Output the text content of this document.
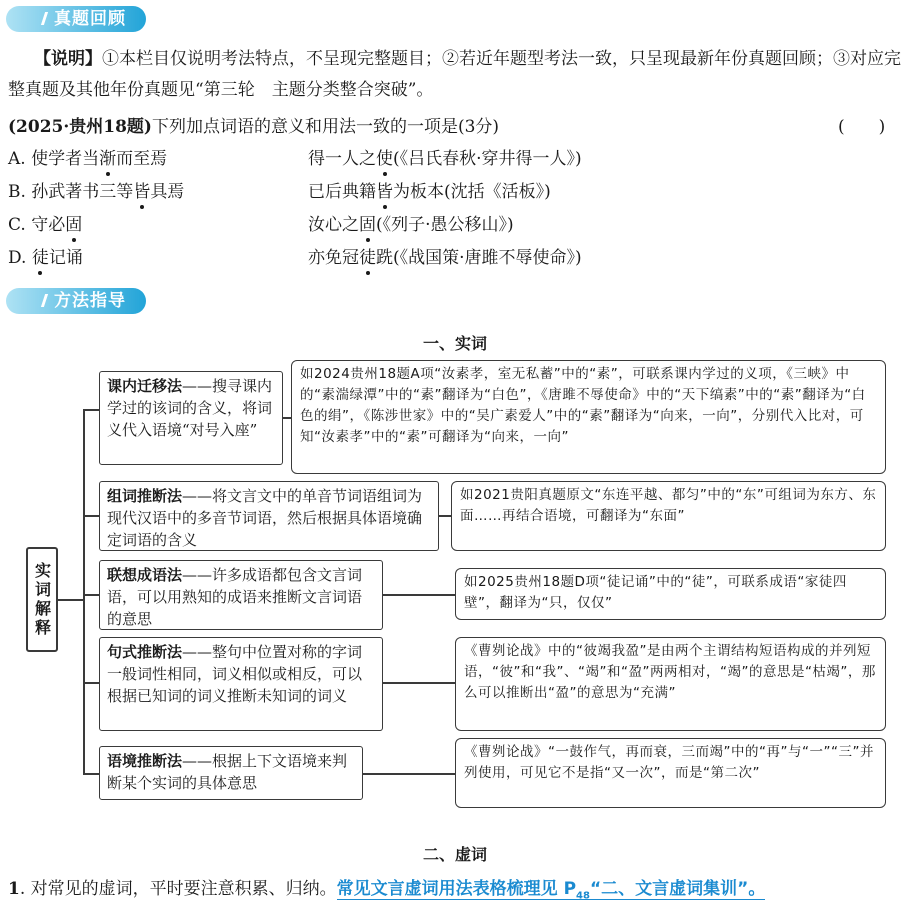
真题回顾
【说明】①本栏目仅说明考法特点，不呈现完整题目；②若近年题型考法一致，只呈现最新年份真题回顾；③对应完整真题及其他年份真题见“第三轮　主题分类整合突破”。
(2025·贵州18题)下列加点词语的意义和用法一致的一项是(3分)	(　　)
A. 使学者当渐而至焉	得一人之使(《吕氏春秋·穿井得一人》)
B. 孙武著书三等皆具焉	已后典籍皆为板本(沈括《活板》)
C. 守必固	汝心之固(《列子·愚公移山》)
D. 徒记诵	亦免冠徒跣(《战国策·唐雎不辱使命》)
方法指导
一、实词
实词解释
课内迁移法——搜寻课内学过的该词的含义，将词义代入语境“对号入座”
如2024贵州18题A项“汝素孝，室无私蓄”中的“素”，可联系课内学过的义项，《三峡》中的“素湍绿潭”中的“素”翻译为“白色”，《唐雎不辱使命》中的“天下缟素”中的“素”翻译为“白色的绢”，《陈涉世家》中的“吴广素爱人”中的“素”翻译为“向来，一向”，分别代入比对，可知“汝素孝”中的“素”可翻译为“向来，一向”
组词推断法——将文言文中的单音节词语组词为现代汉语中的多音节词语，然后根据具体语境确定词语的含义
如2021贵阳真题原文“东连平越、都匀”中的“东”可组词为东方、东面……再结合语境，可翻译为“东面”
联想成语法——许多成语都包含文言词语，可以用熟知的成语来推断文言词语的意思
如2025贵州18题D项“徒记诵”中的“徒”，可联系成语“家徒四壁”，翻译为“只，仅仅”
句式推断法——整句中位置对称的字词一般词性相同，词义相似或相反，可以根据已知词的词义推断未知词的词义
《曹刿论战》中的“彼竭我盈”是由两个主谓结构短语构成的并列短语，“彼”和“我”、“竭”和“盈”两两相对，“竭”的意思是“枯竭”，那么可以推断出“盈”的意思为“充满”
语境推断法——根据上下文语境来判断某个实词的具体意思
《曹刿论战》“一鼓作气，再而衰，三而竭”中的“再”与“一”“三”并列使用，可见它不是指“又一次”，而是“第二次”
二、虚词
1. 对常见的虚词，平时要注意积累、归纳。常见文言虚词用法表格梳理见 $P_{48}“$二、文言虚词集训”。
